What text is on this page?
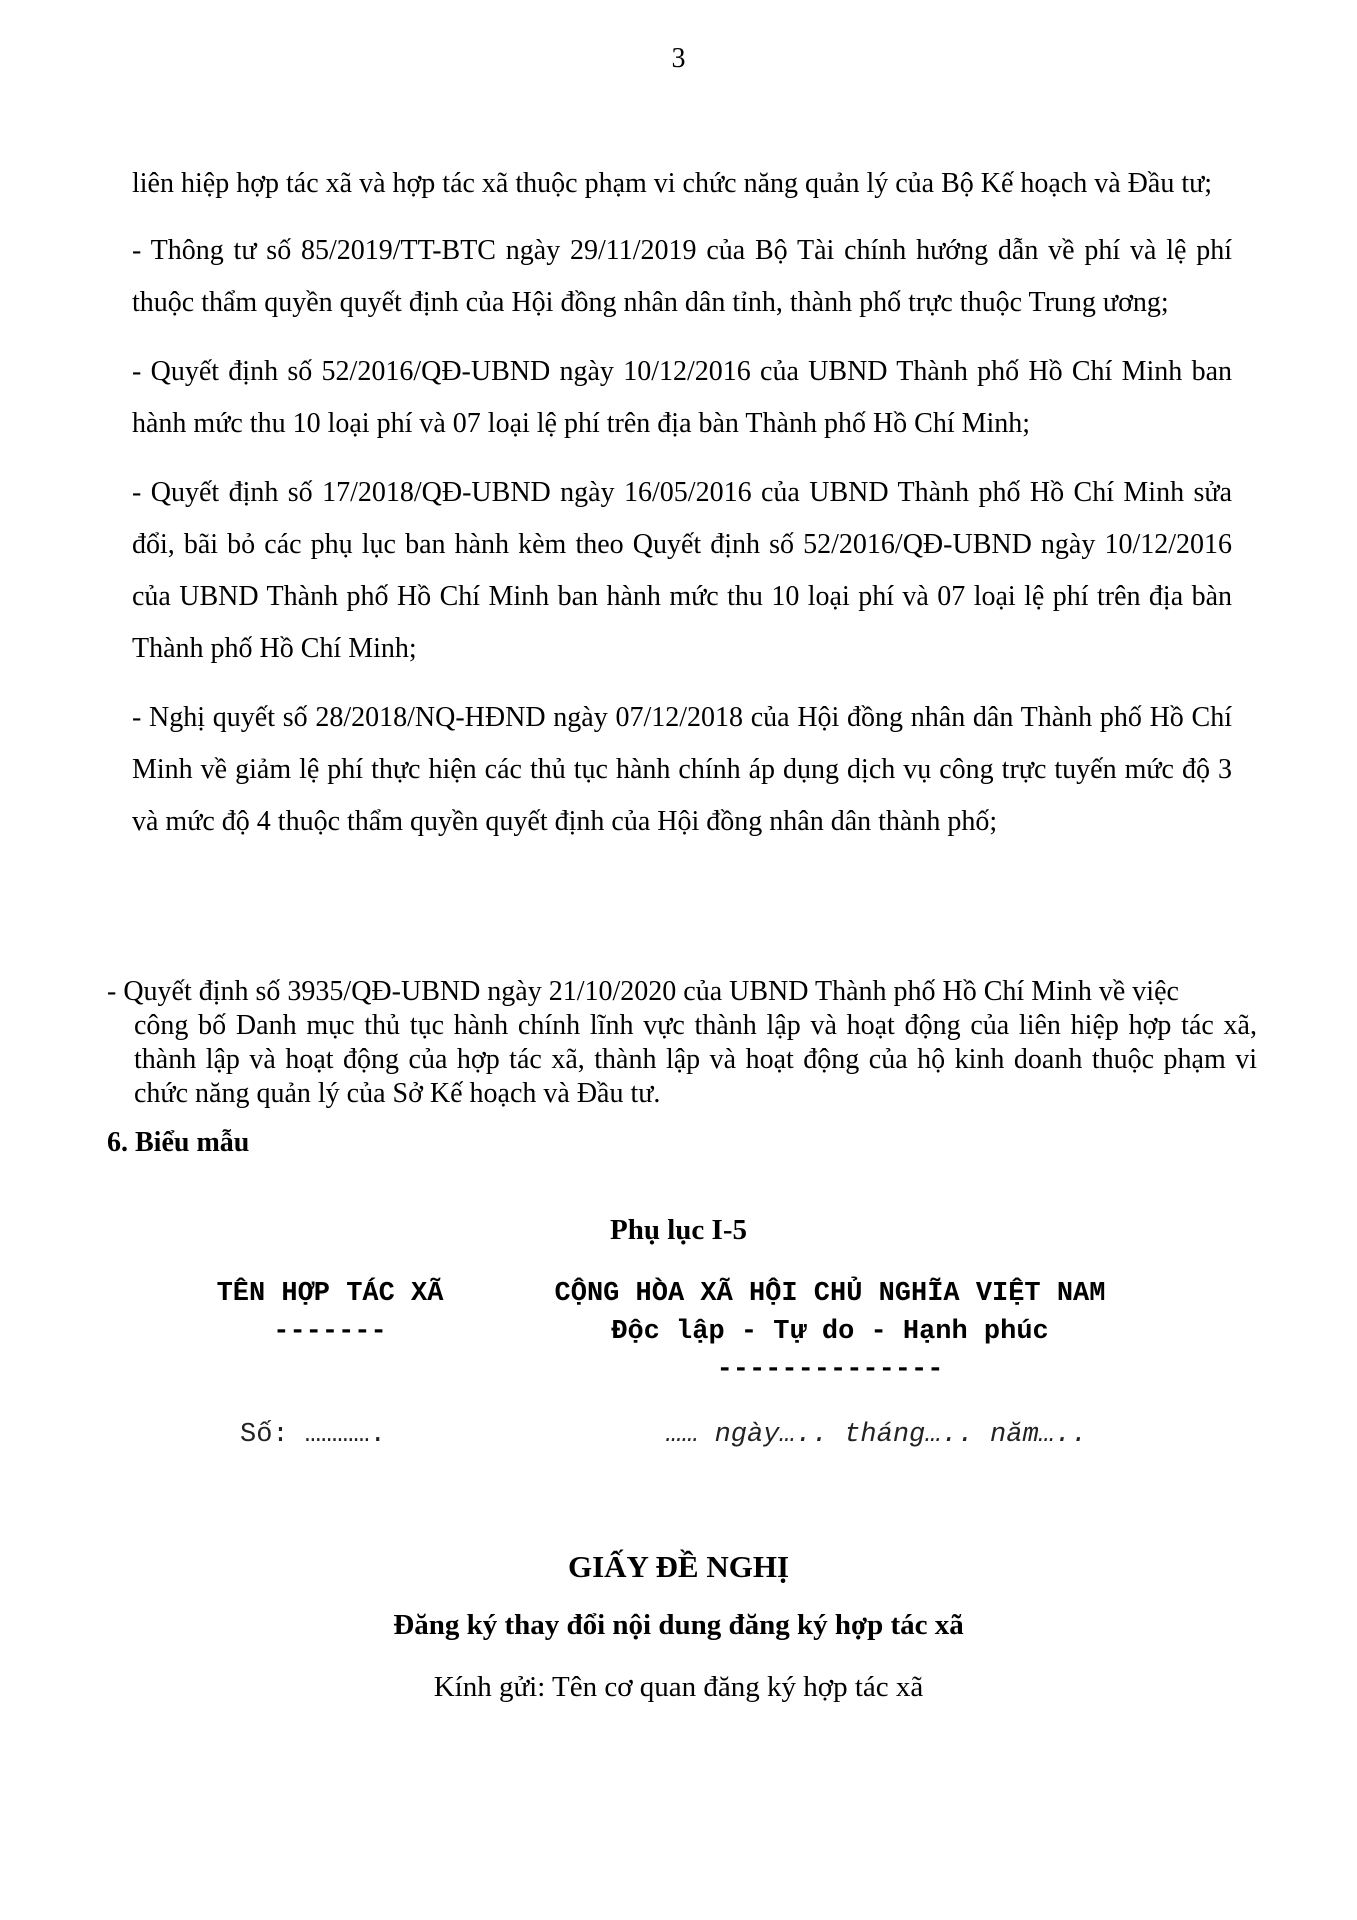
3

liên hiệp hợp tác xã và hợp tác xã thuộc phạm vi chức năng quản lý của Bộ Kế hoạch và Đầu tư;

- Thông tư số 85/2019/TT-BTC ngày 29/11/2019 của Bộ Tài chính hướng dẫn về phí và lệ phí thuộc thẩm quyền quyết định của Hội đồng nhân dân tỉnh, thành phố trực thuộc Trung ương;

- Quyết định số 52/2016/QĐ-UBND ngày 10/12/2016 của UBND Thành phố Hồ Chí Minh ban hành mức thu 10 loại phí và 07 loại lệ phí trên địa bàn Thành phố Hồ Chí Minh;

- Quyết định số 17/2018/QĐ-UBND ngày 16/05/2016 của UBND Thành phố Hồ Chí Minh sửa đổi, bãi bỏ các phụ lục ban hành kèm theo Quyết định số 52/2016/QĐ-UBND ngày 10/12/2016 của UBND Thành phố Hồ Chí Minh ban hành mức thu 10 loại phí và 07 loại lệ phí trên địa bàn Thành phố Hồ Chí Minh;

- Nghị quyết số 28/2018/NQ-HĐND ngày 07/12/2018 của Hội đồng nhân dân Thành phố Hồ Chí Minh về giảm lệ phí thực hiện các thủ tục hành chính áp dụng dịch vụ công trực tuyến mức độ 3 và mức độ 4 thuộc thẩm quyền quyết định của Hội đồng nhân dân thành phố;

- Quyết định số 3935/QĐ-UBND ngày 21/10/2020 của UBND Thành phố Hồ Chí Minh về việc

công bố Danh mục thủ tục hành chính lĩnh vực thành lập và hoạt động của liên hiệp hợp tác xã, thành lập và hoạt động của hợp tác xã, thành lập và hoạt động của hộ kinh doanh thuộc phạm vi chức năng quản lý của Sở Kế hoạch và Đầu tư.

6. Biểu mẫu
Phụ lục I-5
TÊN HỢP TÁC XÃ
-------
CỘNG HÒA XÃ HỘI CHỦ NGHĨA VIỆT NAM
Độc lập - Tự do - Hạnh phúc
--------------
Số: ………….	…… ngày….. tháng….. năm…..
GIẤY ĐỀ NGHỊ
Đăng ký thay đổi nội dung đăng ký hợp tác xã
Kính gửi: Tên cơ quan đăng ký hợp tác xã
